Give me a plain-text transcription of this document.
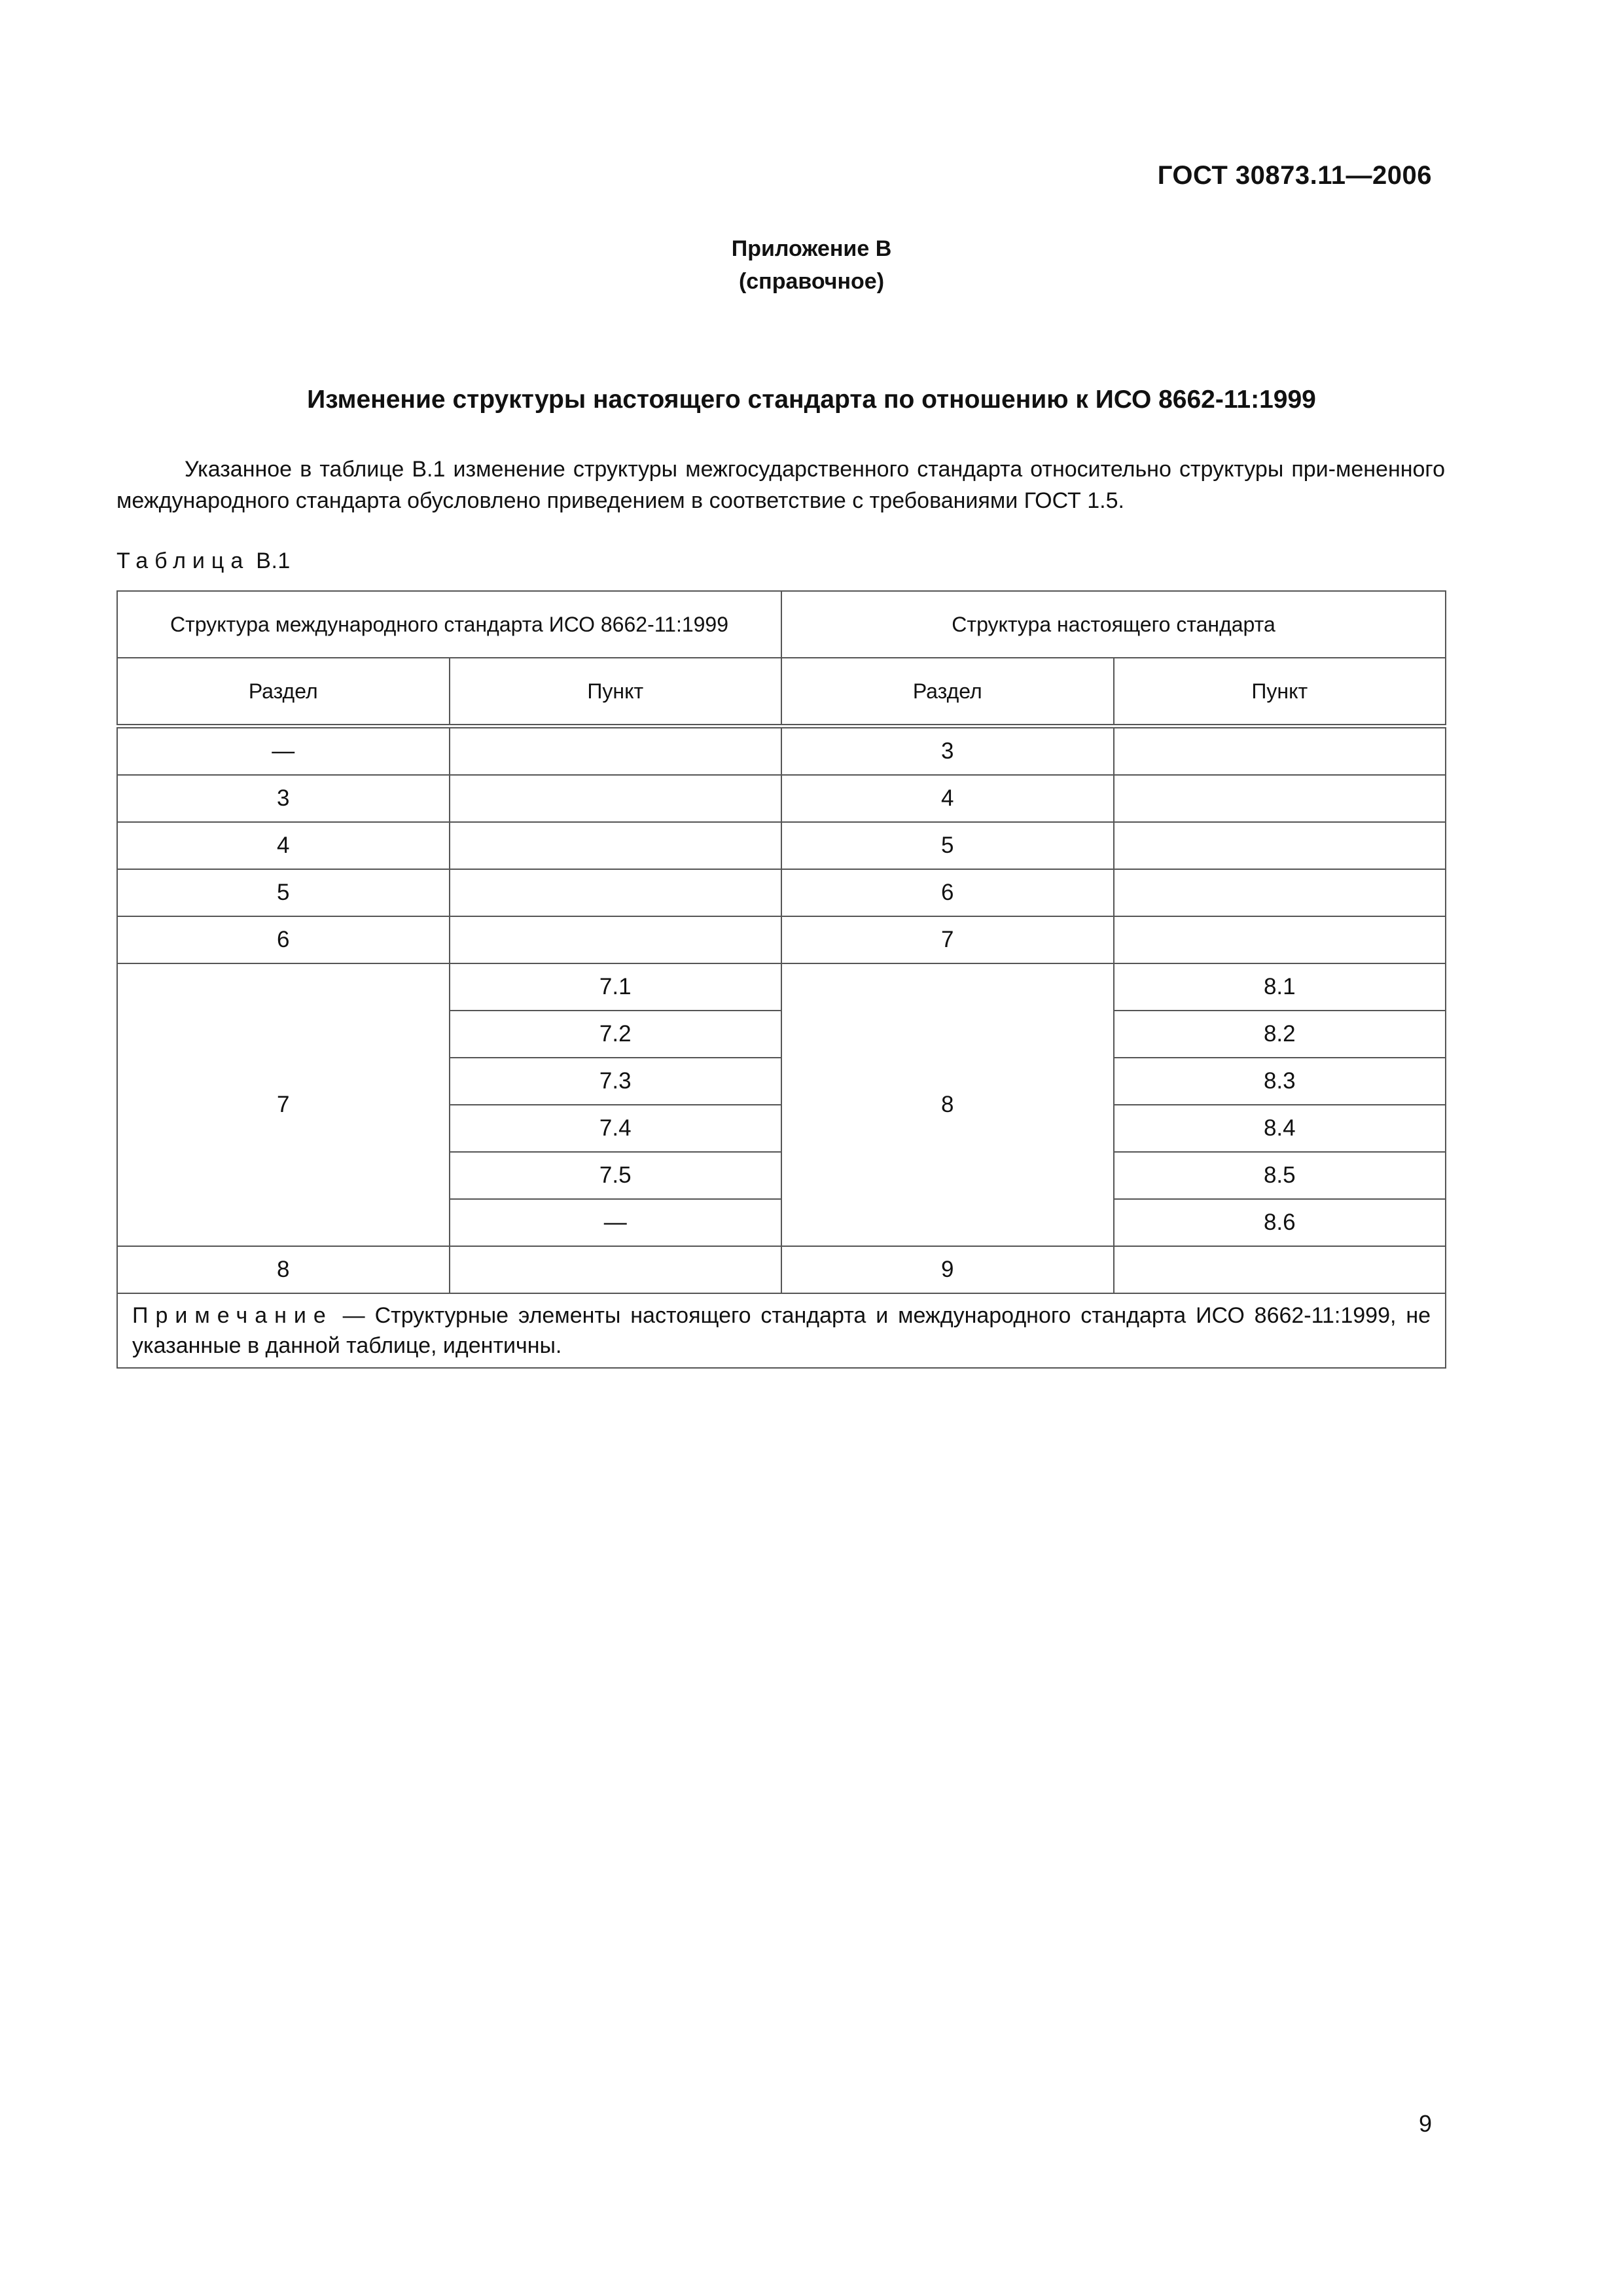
ГОСТ 30873.11—2006
Приложение В
(справочное)
Изменение структуры настоящего стандарта по отношению к ИСО 8662-11:1999
Указанное в таблице В.1 изменение структуры межгосударственного стандарта относительно структуры при-мененного международного стандарта обусловлено приведением в соответствие с требованиями ГОСТ 1.5.
Таблица В.1
Структура международного стандарта ИСО 8662-11:1999		Структура настоящего стандарта	
Раздел	Пункт	Раздел	Пункт
—		3	
3		4	
4		5	
5		6	
6		7	
7	7.1	8	8.1
	7.2		8.2
	7.3		8.3
	7.4		8.4
	7.5		8.5
	—		8.6
8		9	
Примечание — Структурные элементы настоящего стандарта и международного стандарта ИСО 8662-11:1999, не указанные в данной таблице, идентичны.			
9
